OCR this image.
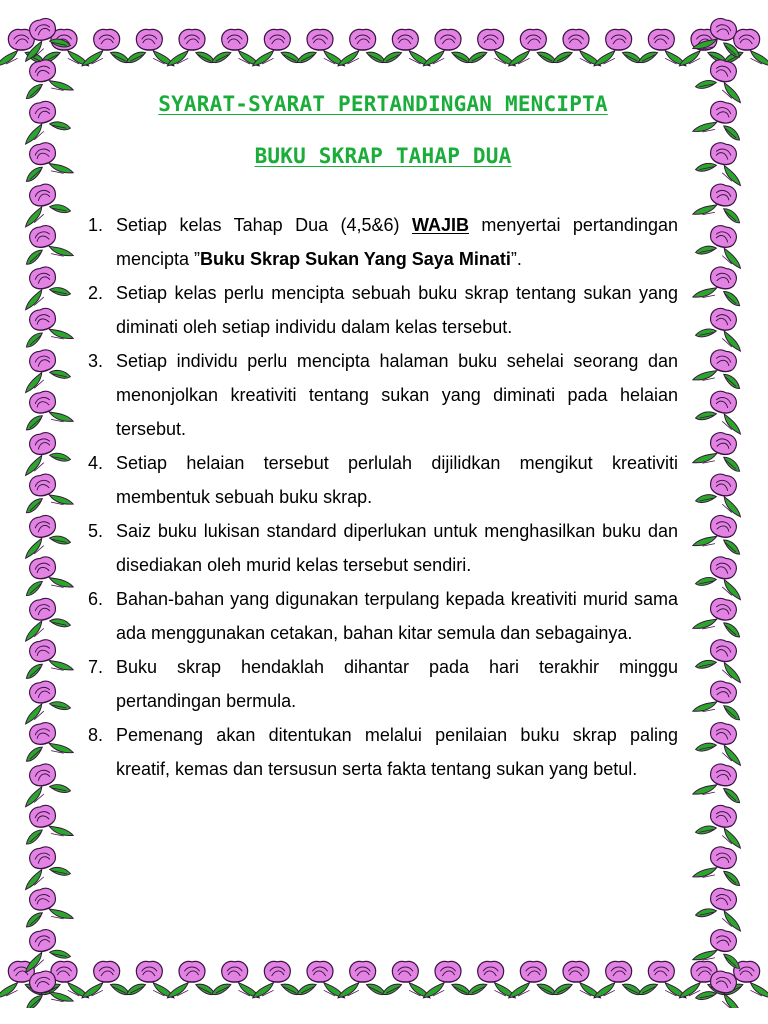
SYARAT-SYARAT PERTANDINGAN MENCIPTA
BUKU SKRAP TAHAP DUA
1. Setiap kelas Tahap Dua (4,5&6) WAJIB menyertai pertandingan mencipta ”Buku Skrap Sukan Yang Saya Minati”.
2. Setiap kelas perlu mencipta sebuah buku skrap tentang sukan yang diminati oleh setiap individu dalam kelas tersebut.
3. Setiap individu perlu mencipta halaman buku sehelai seorang dan menonjolkan kreativiti tentang sukan yang diminati pada helaian tersebut.
4. Setiap helaian tersebut perlulah dijilidkan mengikut kreativiti membentuk sebuah buku skrap.
5. Saiz buku lukisan standard diperlukan untuk menghasilkan buku dan disediakan oleh murid kelas tersebut sendiri.
6. Bahan-bahan yang digunakan terpulang kepada kreativiti murid sama ada menggunakan cetakan, bahan kitar semula dan sebagainya.
7. Buku skrap hendaklah dihantar pada hari terakhir minggu pertandingan bermula.
8. Pemenang akan ditentukan melalui penilaian buku skrap paling kreatif, kemas dan tersusun serta fakta tentang sukan yang betul.
